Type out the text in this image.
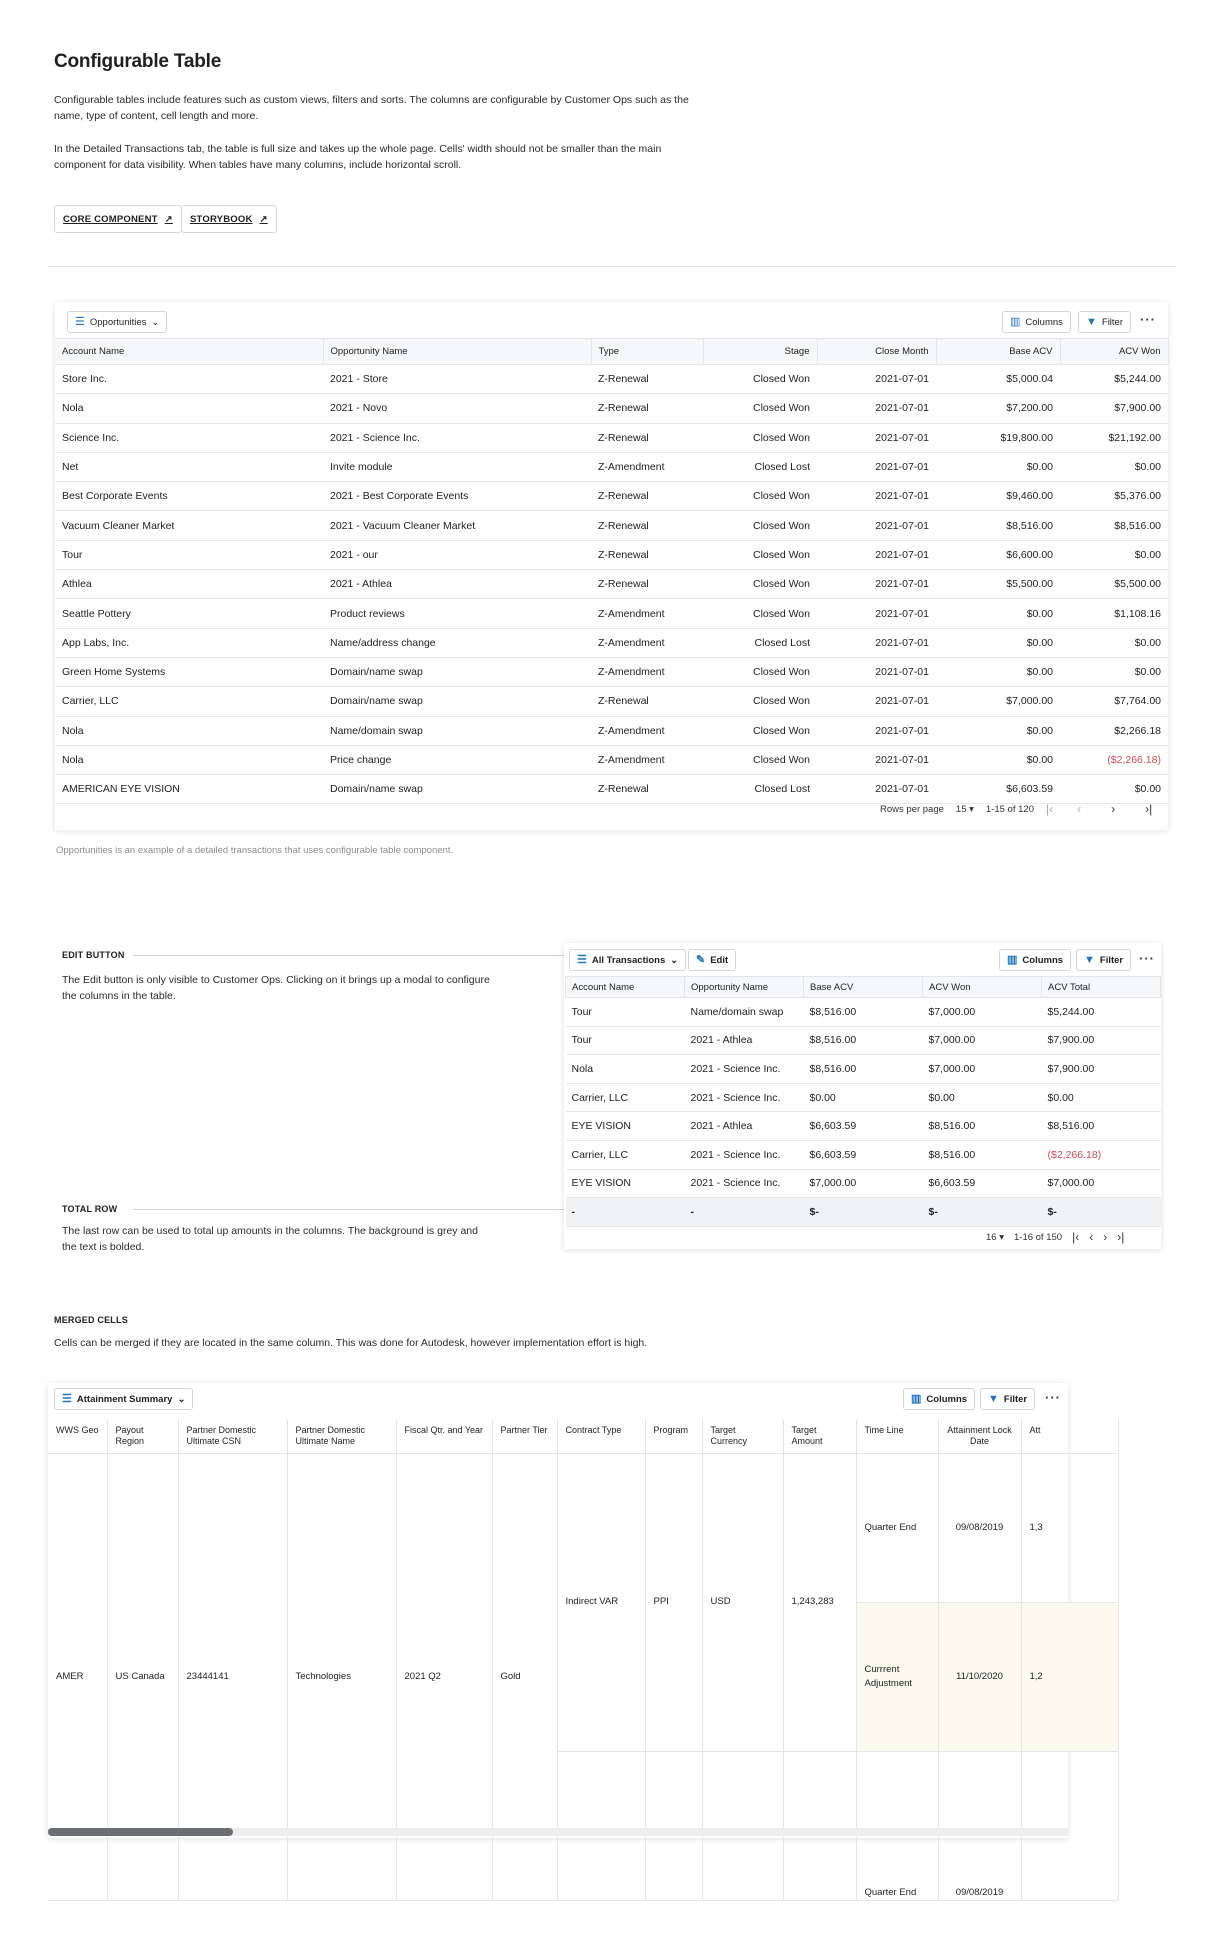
Configurable Table

Configurable tables include features such as custom views, filters and sorts. The columns are configurable by Customer Ops such as the name, type of content, cell length and more.

In the Detailed Transactions tab, the table is full size and takes up the whole page. Cells' width should not be smaller than the main component for data visibility. When tables have many columns, include horizontal scroll.

CORE COMPONENT ↗ STORYBOOK ↗
☰ Opportunities ⌄	▥ Columns ▼ Filter ···
Account Name	Opportunity Name	Type	Stage	Close Month	Base ACV	ACV Won
Store Inc.	2021 - Store	Z-Renewal	Closed Won	2021-07-01	$5,000.04	$5,244.00
Nola	2021 - Novo	Z-Renewal	Closed Won	2021-07-01	$7,200.00	$7,900.00
Science Inc.	2021 - Science Inc.	Z-Renewal	Closed Won	2021-07-01	$19,800.00	$21,192.00
Net	Invite module	Z-Amendment	Closed Lost	2021-07-01	$0.00	$0.00
Best Corporate Events	2021 - Best Corporate Events	Z-Renewal	Closed Won	2021-07-01	$9,460.00	$5,376.00
Vacuum Cleaner Market	2021 - Vacuum Cleaner Market	Z-Renewal	Closed Won	2021-07-01	$8,516.00	$8,516.00
Tour	2021 - our	Z-Renewal	Closed Won	2021-07-01	$6,600.00	$0.00
Athlea	2021 - Athlea	Z-Renewal	Closed Won	2021-07-01	$5,500.00	$5,500.00
Seattle Pottery	Product reviews	Z-Amendment	Closed Won	2021-07-01	$0.00	$1,108.16
App Labs, Inc.	Name/address change	Z-Amendment	Closed Lost	2021-07-01	$0.00	$0.00
Green Home Systems	Domain/name swap	Z-Amendment	Closed Won	2021-07-01	$0.00	$0.00
Carrier, LLC	Domain/name swap	Z-Renewal	Closed Won	2021-07-01	$7,000.00	$7,764.00
Nola	Name/domain swap	Z-Amendment	Closed Won	2021-07-01	$0.00	$2,266.18
Nola	Price change	Z-Amendment	Closed Won	2021-07-01	$0.00	($2,266.18)
AMERICAN EYE VISION	Domain/name swap	Z-Renewal	Closed Lost	2021-07-01	$6,603.59	$0.00
Rows per page 15 ▾ 1-15 of 120 |‹ ‹	›	›|
Opportunities is an example of a detailed transactions that uses configurable table component.
EDIT BUTTON

The Edit button is only visible to Customer Ops. Clicking on it brings up a modal to configure the columns in the table.

TOTAL ROW

The last row can be used to total up amounts in the columns. The background is grey and the text is bolded.

☰ All Transactions ⌄ ✎ Edit	▥ Columns ▼ Filter ···
Account Name	Opportunity Name	Base ACV	ACV Won	ACV Total
Tour	Name/domain swap	$8,516.00	$7,000.00	$5,244.00
Tour	2021 - Athlea	$8,516.00	$7,000.00	$7,900.00
Nola	2021 - Science Inc.	$8,516.00	$7,000.00	$7,900.00
Carrier, LLC	2021 - Science Inc.	$0.00	$0.00	$0.00
EYE VISION	2021 - Athlea	$6,603.59	$8,516.00	$8,516.00
Carrier, LLC	2021 - Science Inc.	$6,603.59	$8,516.00	($2,266.18)
EYE VISION	2021 - Science Inc.	$7,000.00	$6,603.59	$7,000.00
-	-	$-	$-	$-
16 ▾ 1-16 of 150 |‹ ‹ › ›|
MERGED CELLS

Cells can be merged if they are located in the same column. This was done for Autodesk, however implementation effort is high.

☰ Attainment Summary ⌄	▥ Columns ▼ Filter ···
WWS Geo	Payout Region	Partner Domestic Ultimate CSN	Partner Domestic Ultimate Name	Fiscal Qtr. and Year	Partner Tier	Contract Type	Program	Target Currency	Target Amount	Time Line	Attainment Lock Date	Att
AMER	US Canada	23444141	Technologies	2021 Q2	Gold	Indirect VAR	PPI	USD	1,243,283	Quarter End	09/08/2019	1,3
										Currrent Adjustment	11/10/2020	1,2
										Quarter End	09/08/2019	
